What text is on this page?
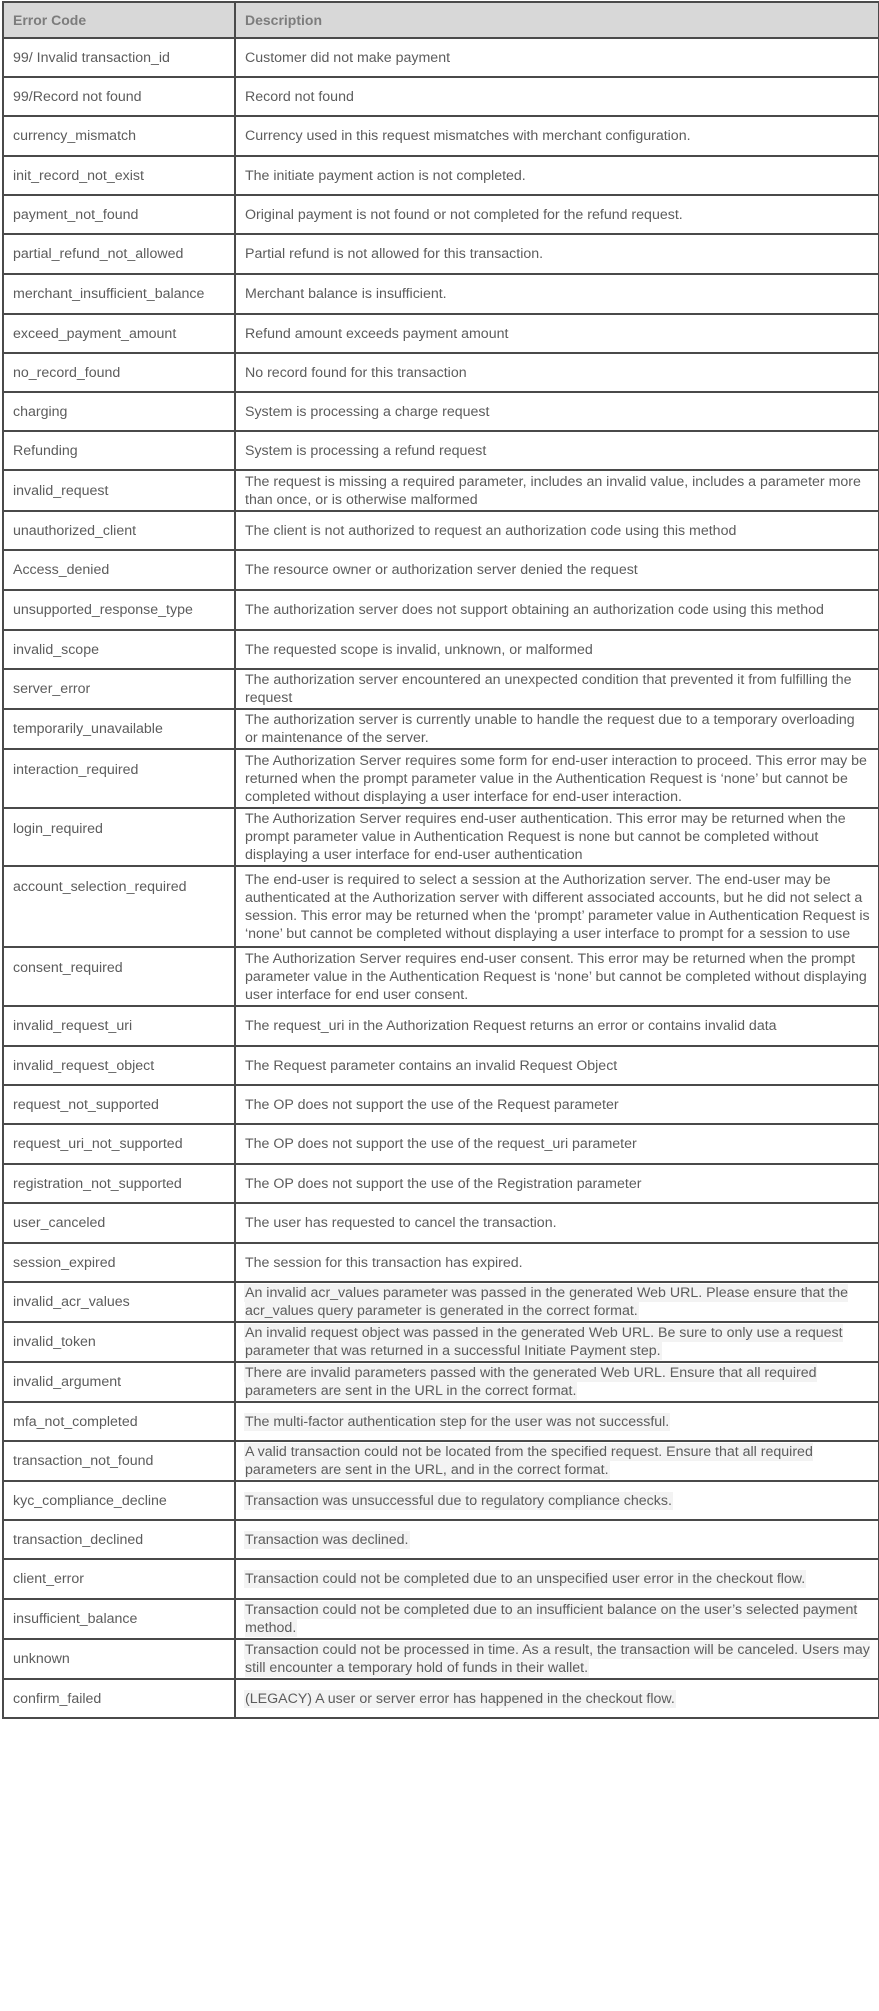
Error Code	Description
99/ Invalid transaction_id	Customer did not make payment
99/Record not found	Record not found
currency_mismatch	Currency used in this request mismatches with merchant configuration.
init_record_not_exist	The initiate payment action is not completed.
payment_not_found	Original payment is not found or not completed for the refund request.
partial_refund_not_allowed	Partial refund is not allowed for this transaction.
merchant_insufficient_balance	Merchant balance is insufficient.
exceed_payment_amount	Refund amount exceeds payment amount
no_record_found	No record found for this transaction
charging	System is processing a charge request
Refunding	System is processing a refund request
invalid_request	The request is missing a required parameter, includes an invalid value, includes a parameter more than once, or is otherwise malformed
unauthorized_client	The client is not authorized to request an authorization code using this method
Access_denied	The resource owner or authorization server denied the request
unsupported_response_type	The authorization server does not support obtaining an authorization code using this method
invalid_scope	The requested scope is invalid, unknown, or malformed
server_error	The authorization server encountered an unexpected condition that prevented it from fulfilling the request
temporarily_unavailable	The authorization server is currently unable to handle the request due to a temporary overloading or maintenance of the server.
interaction_required	The Authorization Server requires some form for end-user interaction to proceed. This error may be returned when the prompt parameter value in the Authentication Request is ‘none’ but cannot be completed without displaying a user interface for end-user interaction.
login_required	The Authorization Server requires end-user authentication. This error may be returned when the prompt parameter value in Authentication Request is none but cannot be completed without displaying a user interface for end-user authentication
account_selection_required	The end-user is required to select a session at the Authorization server. The end-user may be authenticated at the Authorization server with different associated accounts, but he did not select a session. This error may be returned when the ‘prompt’ parameter value in Authentication Request is ‘none’ but cannot be completed without displaying a user interface to prompt for a session to use
consent_required	The Authorization Server requires end-user consent. This error may be returned when the prompt parameter value in the Authentication Request is ‘none’ but cannot be completed without displaying user interface for end user consent.
invalid_request_uri	The request_uri in the Authorization Request returns an error or contains invalid data
invalid_request_object	The Request parameter contains an invalid Request Object
request_not_supported	The OP does not support the use of the Request parameter
request_uri_not_supported	The OP does not support the use of the request_uri parameter
registration_not_supported	The OP does not support the use of the Registration parameter
user_canceled	The user has requested to cancel the transaction.
session_expired	The session for this transaction has expired.
invalid_acr_values	An invalid acr_values parameter was passed in the generated Web URL. Please ensure that the acr_values query parameter is generated in the correct format.
invalid_token	An invalid request object was passed in the generated Web URL. Be sure to only use a request parameter that was returned in a successful Initiate Payment step.
invalid_argument	There are invalid parameters passed with the generated Web URL. Ensure that all required parameters are sent in the URL in the correct format.
mfa_not_completed	The multi-factor authentication step for the user was not successful.
transaction_not_found	A valid transaction could not be located from the specified request. Ensure that all required parameters are sent in the URL, and in the correct format.
kyc_compliance_decline	Transaction was unsuccessful due to regulatory compliance checks.
transaction_declined	Transaction was declined.
client_error	Transaction could not be completed due to an unspecified user error in the checkout flow.
insufficient_balance	Transaction could not be completed due to an insufficient balance on the user’s selected payment method.
unknown	Transaction could not be processed in time. As a result, the transaction will be canceled. Users may still encounter a temporary hold of funds in their wallet.
confirm_failed	(LEGACY) A user or server error has happened in the checkout flow.
